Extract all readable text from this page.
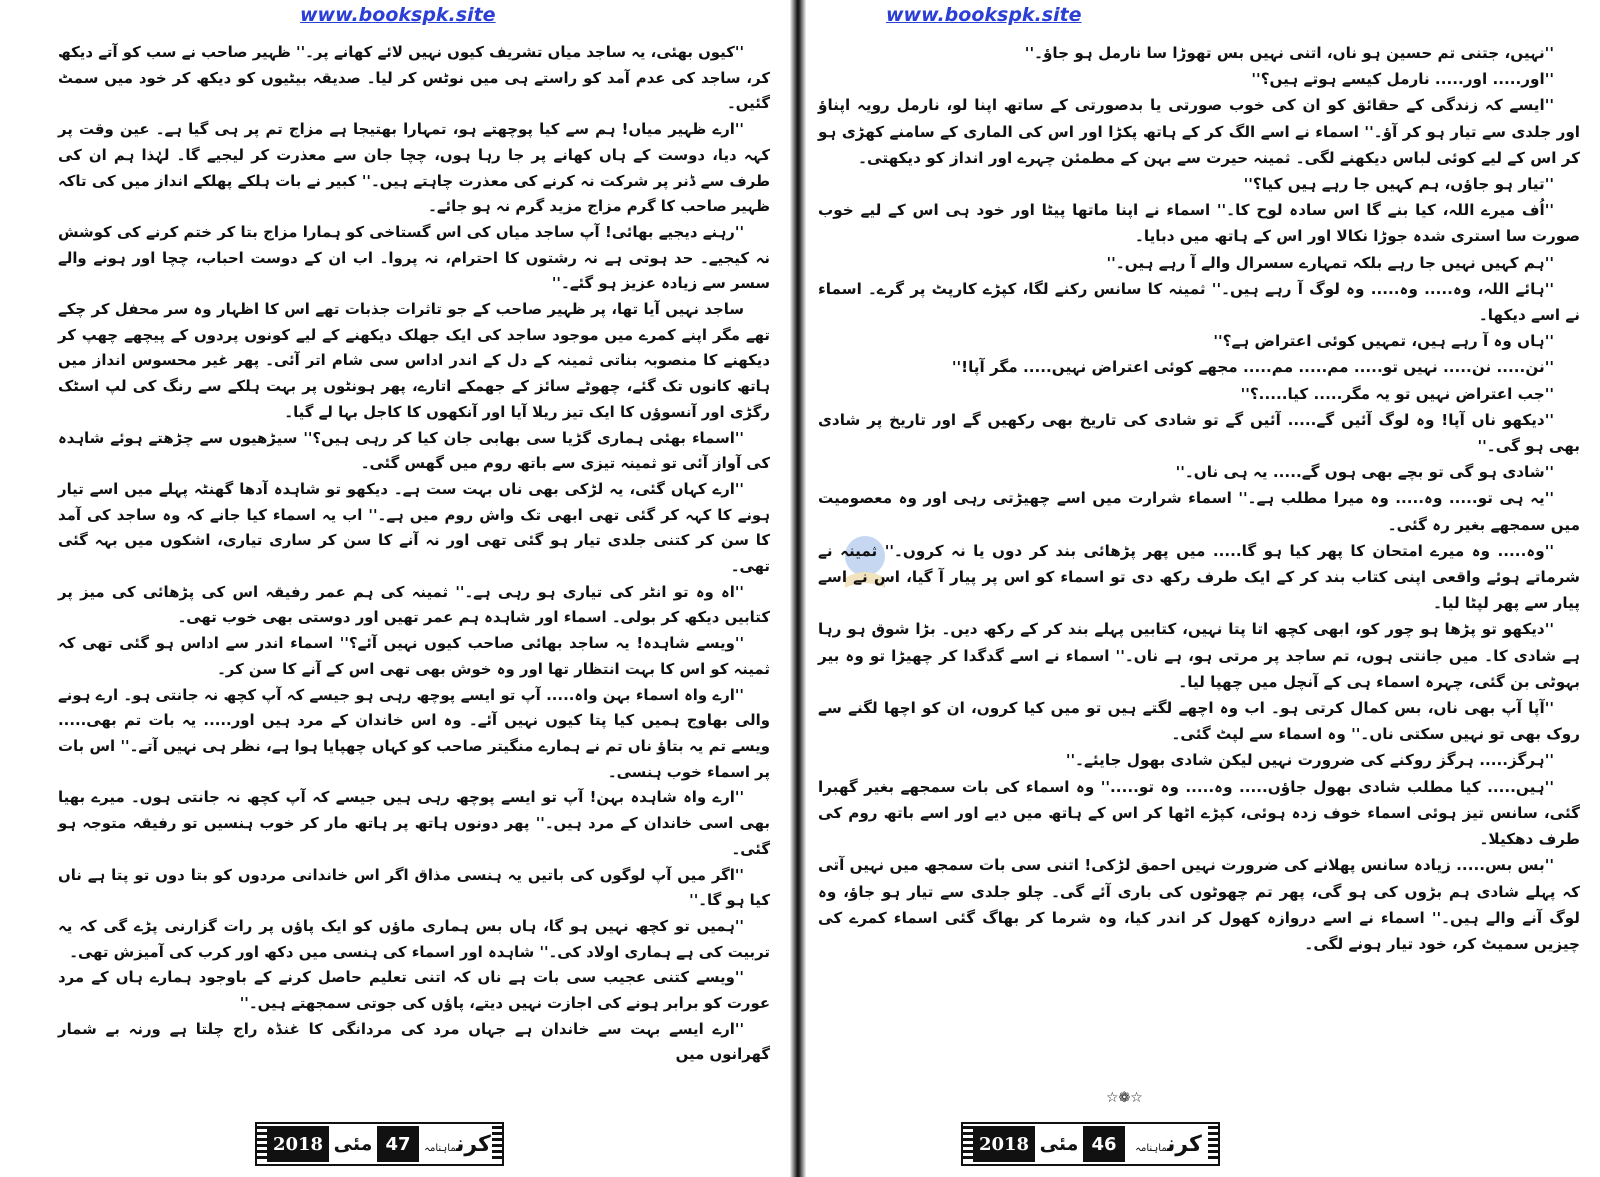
www.bookspk.site

''کیوں بھئی، یہ ساجد میاں تشریف کیوں نہیں لائے کھانے پر۔'' ظہیر صاحب نے سب کو آتے دیکھ کر، ساجد کی عدم آمد کو راستے ہی میں نوٹس کر لیا۔ صدیقہ بیٹیوں کو دیکھ کر خود میں سمٹ گئیں۔

''ارے ظہیر میاں! ہم سے کیا پوچھتے ہو، تمہارا بھتیجا ہے مزاج تم پر ہی گیا ہے۔ عین وقت پر کہہ دیا، دوست کے ہاں کھانے پر جا رہا ہوں، چچا جان سے معذرت کر لیجیے گا۔ لہٰذا ہم ان کی طرف سے ڈنر پر شرکت نہ کرنے کی معذرت چاہتے ہیں۔'' کبیر نے بات ہلکے پھلکے انداز میں کی تاکہ ظہیر صاحب کا گرم مزاج مزید گرم نہ ہو جائے۔

''رہنے دیجیے بھائی! آپ ساجد میاں کی اس گستاخی کو ہمارا مزاج بتا کر ختم کرنے کی کوشش نہ کیجیے۔ حد ہوتی ہے نہ رشتوں کا احترام، نہ پروا۔ اب ان کے دوست احباب، چچا اور ہونے والے سسر سے زیادہ عزیز ہو گئے۔''

ساجد نہیں آیا تھا، پر ظہیر صاحب کے جو تاثرات جذبات تھے اس کا اظہار وہ سر محفل کر چکے تھے مگر اپنے کمرے میں موجود ساجد کی ایک جھلک دیکھنے کے لیے کونوں پردوں کے پیچھے چھپ کر دیکھنے کا منصوبہ بناتی ثمینہ کے دل کے اندر اداس سی شام اتر آئی۔ پھر غیر محسوس انداز میں ہاتھ کانوں تک گئے، چھوٹے سائز کے جھمکے اتارے، پھر ہونٹوں پر بہت ہلکے سے رنگ کی لپ اسٹک رگڑی اور آنسوؤں کا ایک تیز ریلا آیا اور آنکھوں کا کاجل بہا لے گیا۔

''اسماء بھئی ہماری گڑیا سی بھابی جان کیا کر رہی ہیں؟'' سیڑھیوں سے چڑھتے ہوئے شاہدہ کی آواز آئی تو ثمینہ تیزی سے باتھ روم میں گھس گئی۔

''ارے کہاں گئی، یہ لڑکی بھی ناں بہت ست ہے۔ دیکھو تو شاہدہ آدھا گھنٹہ پہلے میں اسے تیار ہونے کا کہہ کر گئی تھی ابھی تک واش روم میں ہے۔'' اب یہ اسماء کیا جانے کہ وہ ساجد کی آمد کا سن کر کتنی جلدی تیار ہو گئی تھی اور نہ آنے کا سن کر ساری تیاری، اشکوں میں بہہ گئی تھی۔

''اہ وہ تو انٹر کی تیاری ہو رہی ہے۔'' ثمینہ کی ہم عمر رفیقہ اس کی پڑھائی کی میز پر کتابیں دیکھ کر بولی۔ اسماء اور شاہدہ ہم عمر تھیں اور دوستی بھی خوب تھی۔

''ویسے شاہدہ! یہ ساجد بھائی صاحب کیوں نہیں آئے؟'' اسماء اندر سے اداس ہو گئی تھی کہ ثمینہ کو اس کا بہت انتظار تھا اور وہ خوش بھی تھی اس کے آنے کا سن کر۔

''ارے واہ اسماء بہن واہ..... آپ تو ایسے پوچھ رہی ہو جیسے کہ آپ کچھ نہ جانتی ہو۔ ارے ہونے والی بھاوج ہمیں کیا پتا کیوں نہیں آئے۔ وہ اس خاندان کے مرد ہیں اور..... یہ بات تم بھی..... ویسے تم یہ بتاؤ ناں تم نے ہمارے منگیتر صاحب کو کہاں چھپایا ہوا ہے، نظر ہی نہیں آتے۔'' اس بات پر اسماء خوب ہنسی۔

''ارے واہ شاہدہ بہن! آپ تو ایسے پوچھ رہی ہیں جیسے کہ آپ کچھ نہ جانتی ہوں۔ میرے بھیا بھی اسی خاندان کے مرد ہیں۔'' پھر دونوں ہاتھ پر ہاتھ مار کر خوب ہنسیں تو رفیقہ متوجہ ہو گئی۔

''اگر میں آپ لوگوں کی باتیں یہ ہنسی مذاق اگر اس خاندانی مردوں کو بتا دوں تو پتا ہے ناں کیا ہو گا۔''

''ہمیں تو کچھ نہیں ہو گا، ہاں بس ہماری ماؤں کو ایک پاؤں پر رات گزارنی پڑے گی کہ یہ تربیت کی ہے ہماری اولاد کی۔'' شاہدہ اور اسماء کی ہنسی میں دکھ اور کرب کی آمیزش تھی۔

''ویسے کتنی عجیب سی بات ہے ناں کہ اتنی تعلیم حاصل کرنے کے باوجود ہمارے ہاں کے مرد عورت کو برابر ہونے کی اجازت نہیں دیتے، پاؤں کی جوتی سمجھتے ہیں۔''

''ارے ایسے بہت سے خاندان ہے جہاں مرد کی مردانگی کا غنڈہ راج چلتا ہے ورنہ بے شمار گھرانوں میں

2018 مئی 47	کرنماہنامہ
www.bookspk.site

''نہیں، جتنی تم حسین ہو ناں، اتنی نہیں بس تھوڑا سا نارمل ہو جاؤ۔''

''اور..... اور..... نارمل کیسے ہوتے ہیں؟''

''ایسے کہ زندگی کے حقائق کو ان کی خوب صورتی یا بدصورتی کے ساتھ اپنا لو، نارمل رویہ اپناؤ اور جلدی سے تیار ہو کر آؤ۔'' اسماء نے اسے الگ کر کے ہاتھ پکڑا اور اس کی الماری کے سامنے کھڑی ہو کر اس کے لیے کوئی لباس دیکھنے لگی۔ ثمینہ حیرت سے بہن کے مطمئن چہرے اور انداز کو دیکھتی۔

''تیار ہو جاؤں، ہم کہیں جا رہے ہیں کیا؟''

''اُف میرے اللہ، کیا بنے گا اس سادہ لوح کا۔'' اسماء نے اپنا ماتھا پیٹا اور خود ہی اس کے لیے خوب صورت سا استری شدہ جوڑا نکالا اور اس کے ہاتھ میں دبایا۔

''ہم کہیں نہیں جا رہے بلکہ تمہارے سسرال والے آ رہے ہیں۔''

''ہائے اللہ، وہ..... وہ..... وہ لوگ آ رہے ہیں۔'' ثمینہ کا سانس رکنے لگا، کپڑے کارپٹ پر گرے۔ اسماء نے اسے دیکھا۔

''ہاں وہ آ رہے ہیں، تمہیں کوئی اعتراض ہے؟''

''نن..... نن..... نہیں تو..... مم..... مم..... مجھے کوئی اعتراض نہیں..... مگر آپا!''

''جب اعتراض نہیں تو یہ مگر..... کیا.....؟''

''دیکھو ناں آپا! وہ لوگ آئیں گے..... آئیں گے تو شادی کی تاریخ بھی رکھیں گے اور تاریخ پر شادی بھی ہو گی۔''

''شادی ہو گی تو بچے بھی ہوں گے..... یہ ہی ناں۔''

''یہ ہی تو..... وہ..... وہ میرا مطلب ہے۔'' اسماء شرارت میں اسے چھیڑتی رہی اور وہ معصومیت میں سمجھے بغیر رہ گئی۔

''وہ..... وہ میرے امتحان کا پھر کیا ہو گا..... میں پھر پڑھائی بند کر دوں یا نہ کروں۔'' ثمینہ نے شرماتے ہوئے واقعی اپنی کتاب بند کر کے ایک طرف رکھ دی تو اسماء کو اس پر پیار آ گیا، اس نے اسے پیار سے پھر لپٹا لیا۔

''دیکھو تو پڑھا ہو چور کو، ابھی کچھ اتا پتا نہیں، کتابیں پہلے بند کر کے رکھ دیں۔ بڑا شوق ہو رہا ہے شادی کا۔ میں جانتی ہوں، تم ساجد پر مرتی ہو، ہے ناں۔'' اسماء نے اسے گدگدا کر چھیڑا تو وہ بیر بہوٹی بن گئی، چہرہ اسماء ہی کے آنچل میں چھپا لیا۔

''آپا آپ بھی ناں، بس کمال کرتی ہو۔ اب وہ اچھے لگتے ہیں تو میں کیا کروں، ان کو اچھا لگنے سے روک بھی تو نہیں سکتی ناں۔'' وہ اسماء سے لپٹ گئی۔

''ہرگز..... ہرگز روکنے کی ضرورت نہیں لیکن شادی بھول جایئے۔''

''ہیں..... کیا مطلب شادی بھول جاؤں..... وہ..... وہ تو.....'' وہ اسماء کی بات سمجھے بغیر گھبرا گئی، سانس تیز ہوئی اسماء خوف زدہ ہوئی، کپڑے اٹھا کر اس کے ہاتھ میں دیے اور اسے باتھ روم کی طرف دھکیلا۔

''بس بس..... زیادہ سانس پھلانے کی ضرورت نہیں احمق لڑکی! اتنی سی بات سمجھ میں نہیں آتی کہ پہلے شادی ہم بڑوں کی ہو گی، پھر تم چھوٹوں کی باری آئے گی۔ چلو جلدی سے تیار ہو جاؤ، وہ لوگ آنے والے ہیں۔'' اسماء نے اسے دروازہ کھول کر اندر کیا، وہ شرما کر بھاگ گئی اسماء کمرے کی چیزیں سمیٹ کر، خود تیار ہونے لگی۔

☆❁☆
2018 مئی 46	کرنماہنامہ
